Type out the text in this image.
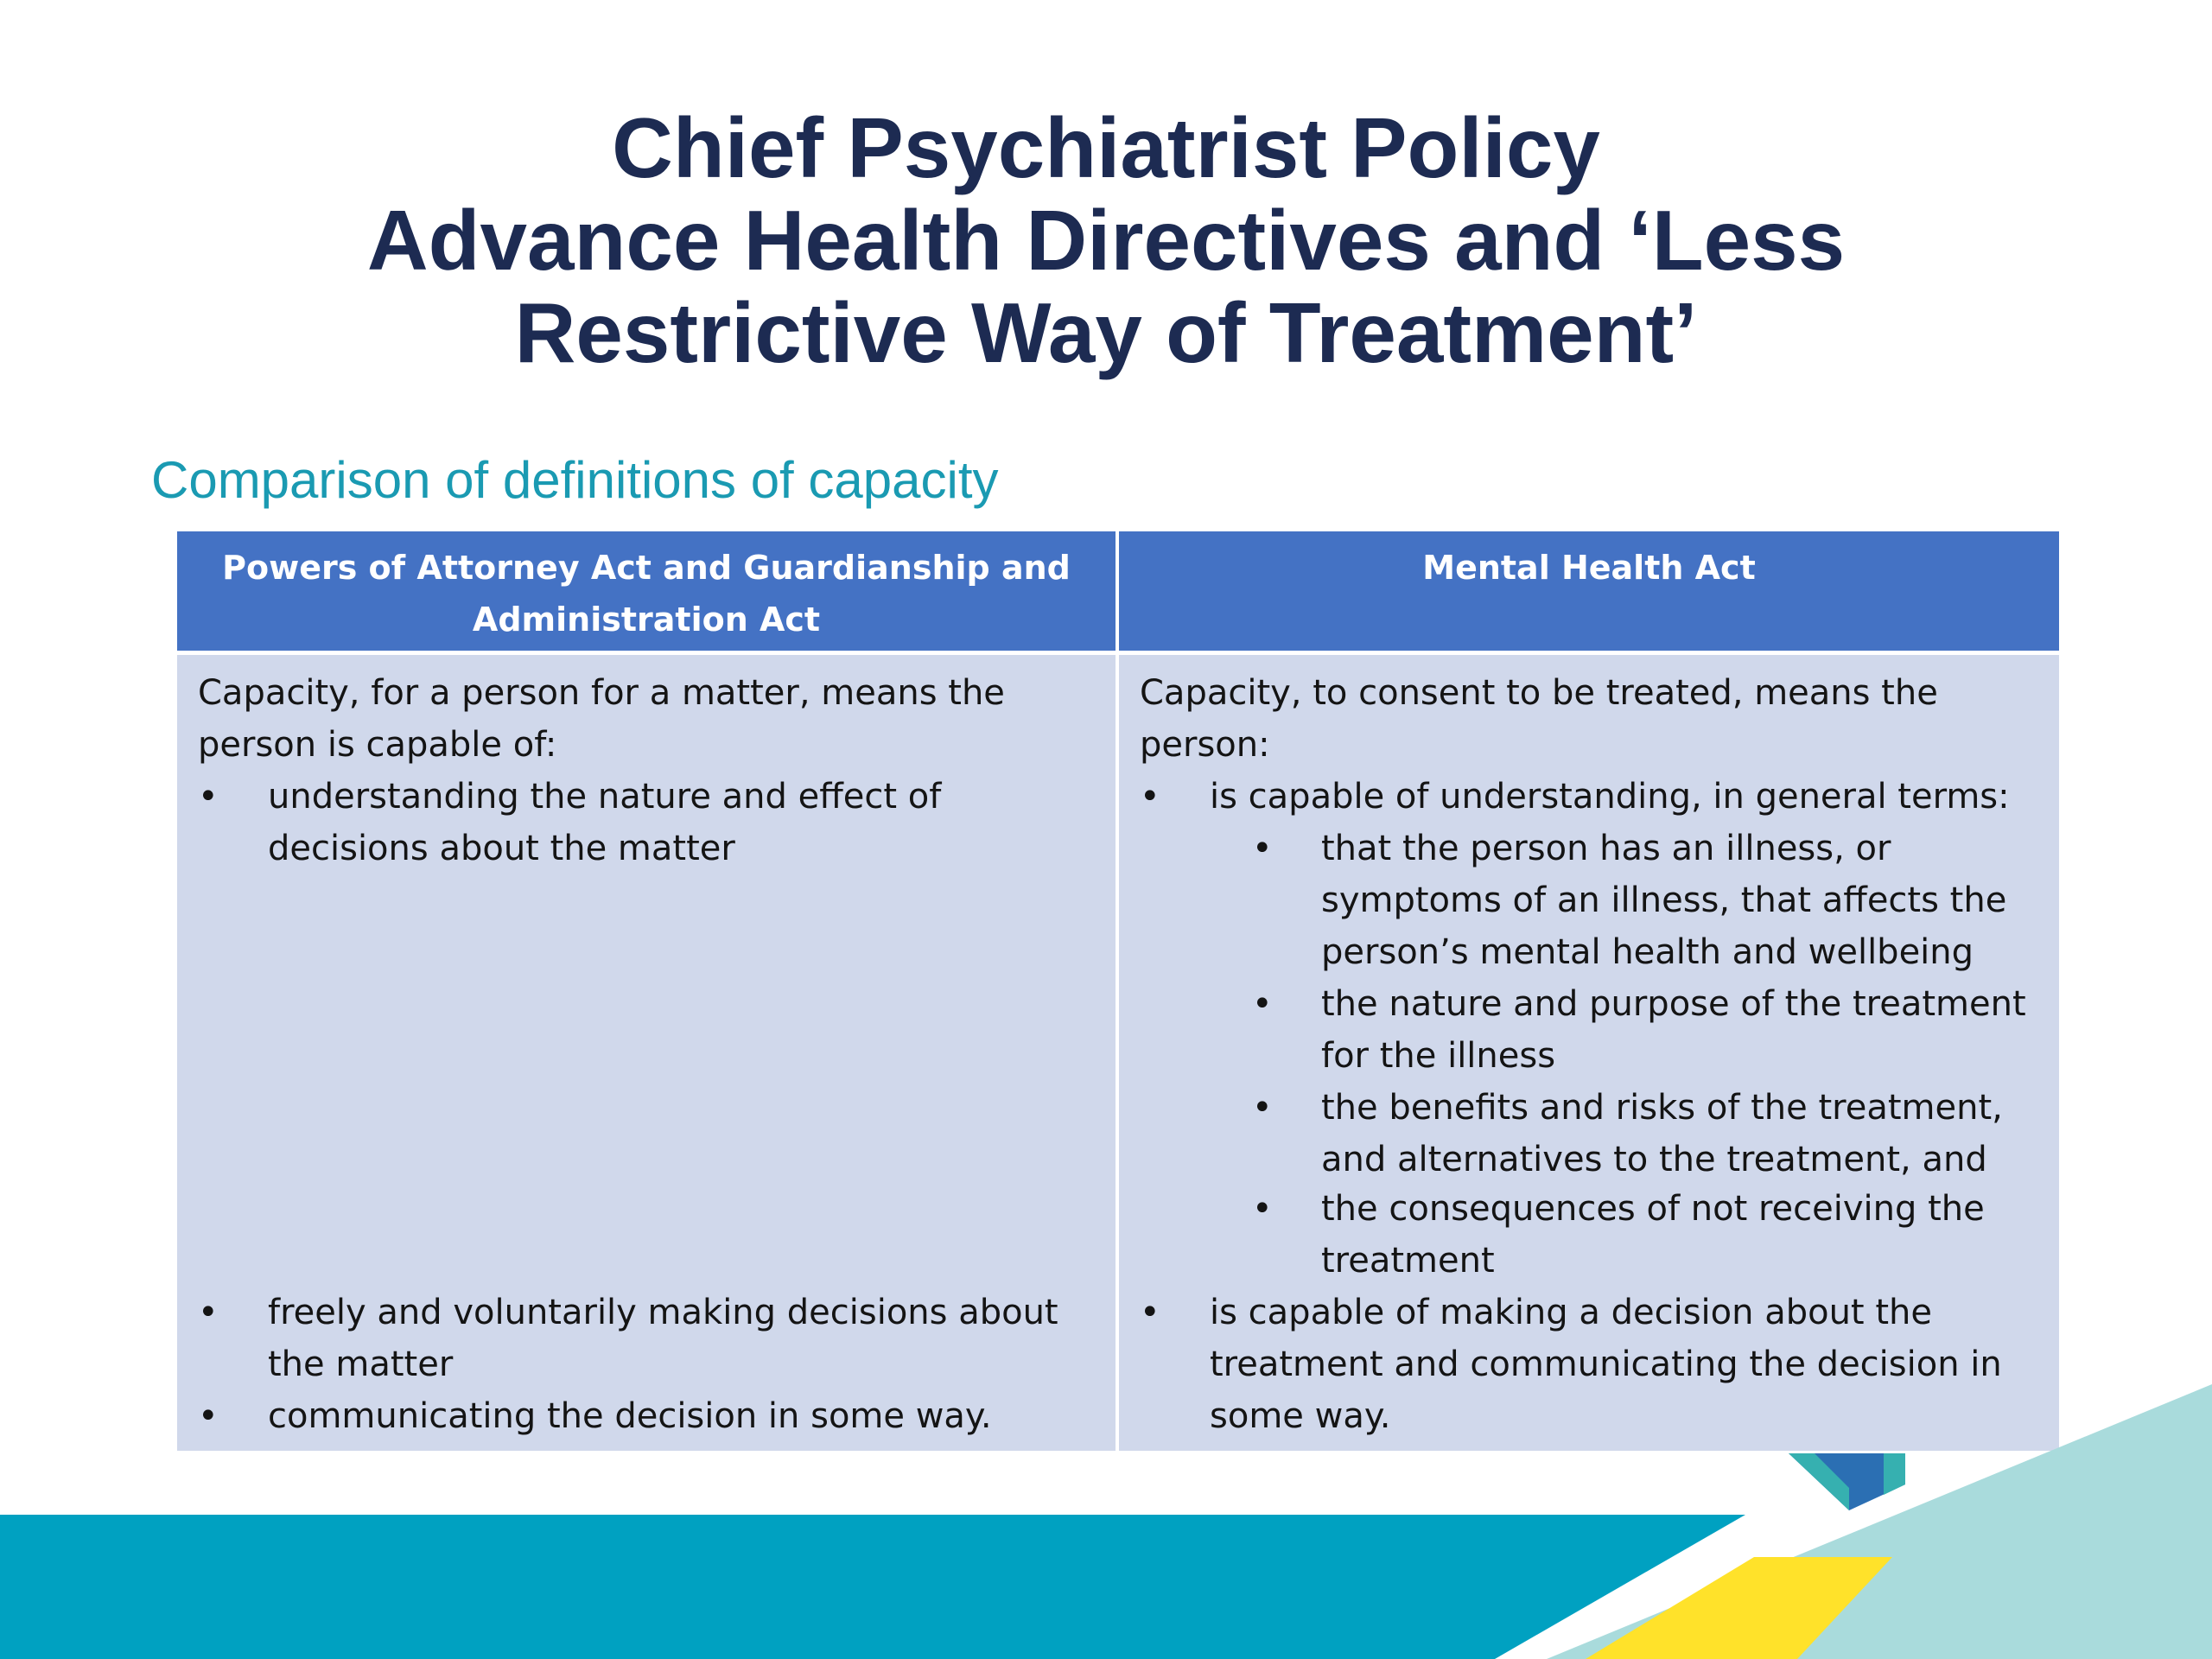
Chief Psychiatrist Policy
Advance Health Directives and ‘Less
Restrictive Way of Treatment’
Comparison of definitions of capacity
Powers of Attorney Act and Guardianship and
Administration Act
Mental Health Act
Capacity, for a person for a matter, means the
person is capable of:
• understanding the nature and effect of
decisions about the matter
• freely and voluntarily making decisions about
the matter
• communicating the decision in some way.
Capacity, to consent to be treated, means the
person:
• is capable of understanding, in general terms:
• that the person has an illness, or
symptoms of an illness, that affects the
person’s mental health and wellbeing
• the nature and purpose of the treatment
for the illness
• the benefits and risks of the treatment,
and alternatives to the treatment, and
• the consequences of not receiving the
treatment
• is capable of making a decision about the
treatment and communicating the decision in
some way.
